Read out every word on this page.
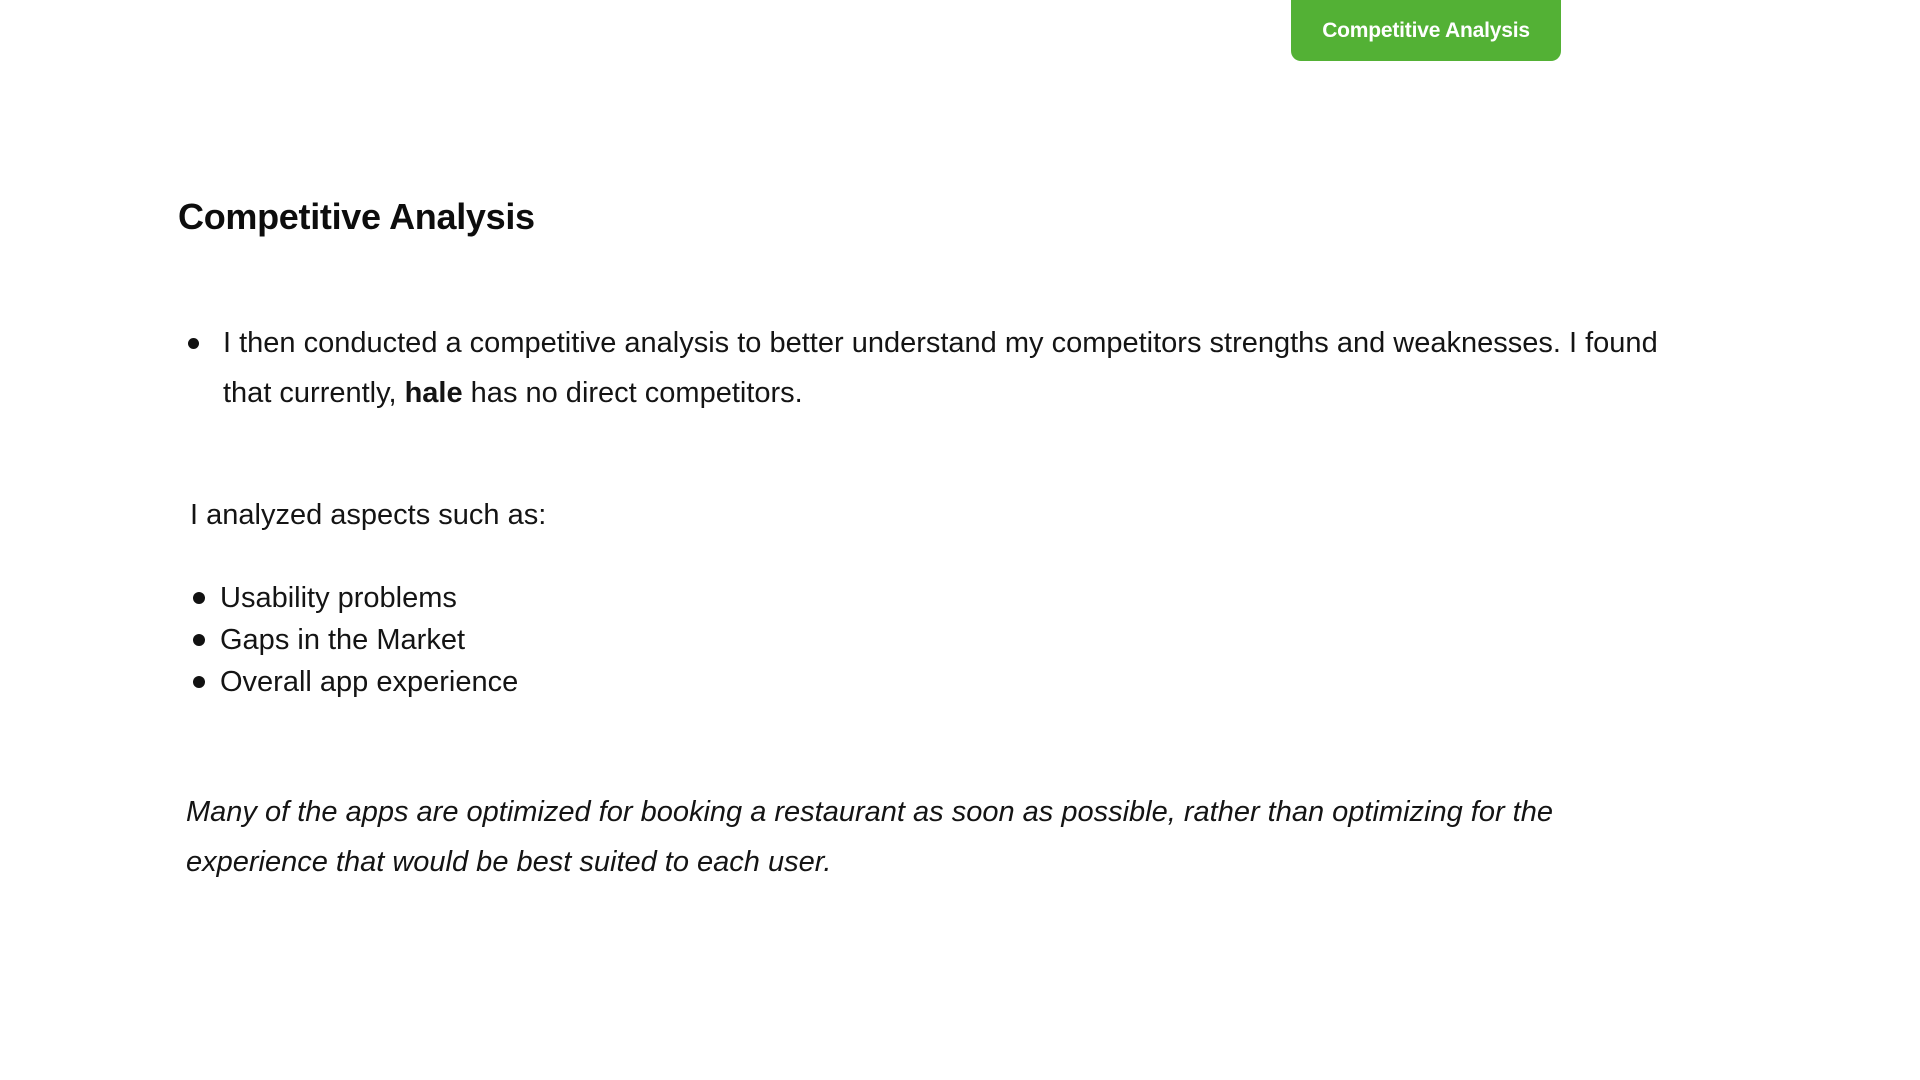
Competitive Analysis
Competitive Analysis
I then conducted a competitive analysis to better understand my competitors strengths and weaknesses. I found that currently, hale has no direct competitors.

I analyzed aspects such as:

Usability problems
Gaps in the Market
Overall app experience

Many of the apps are optimized for booking a restaurant as soon as possible, rather than optimizing for the experience that would be best suited to each user.
